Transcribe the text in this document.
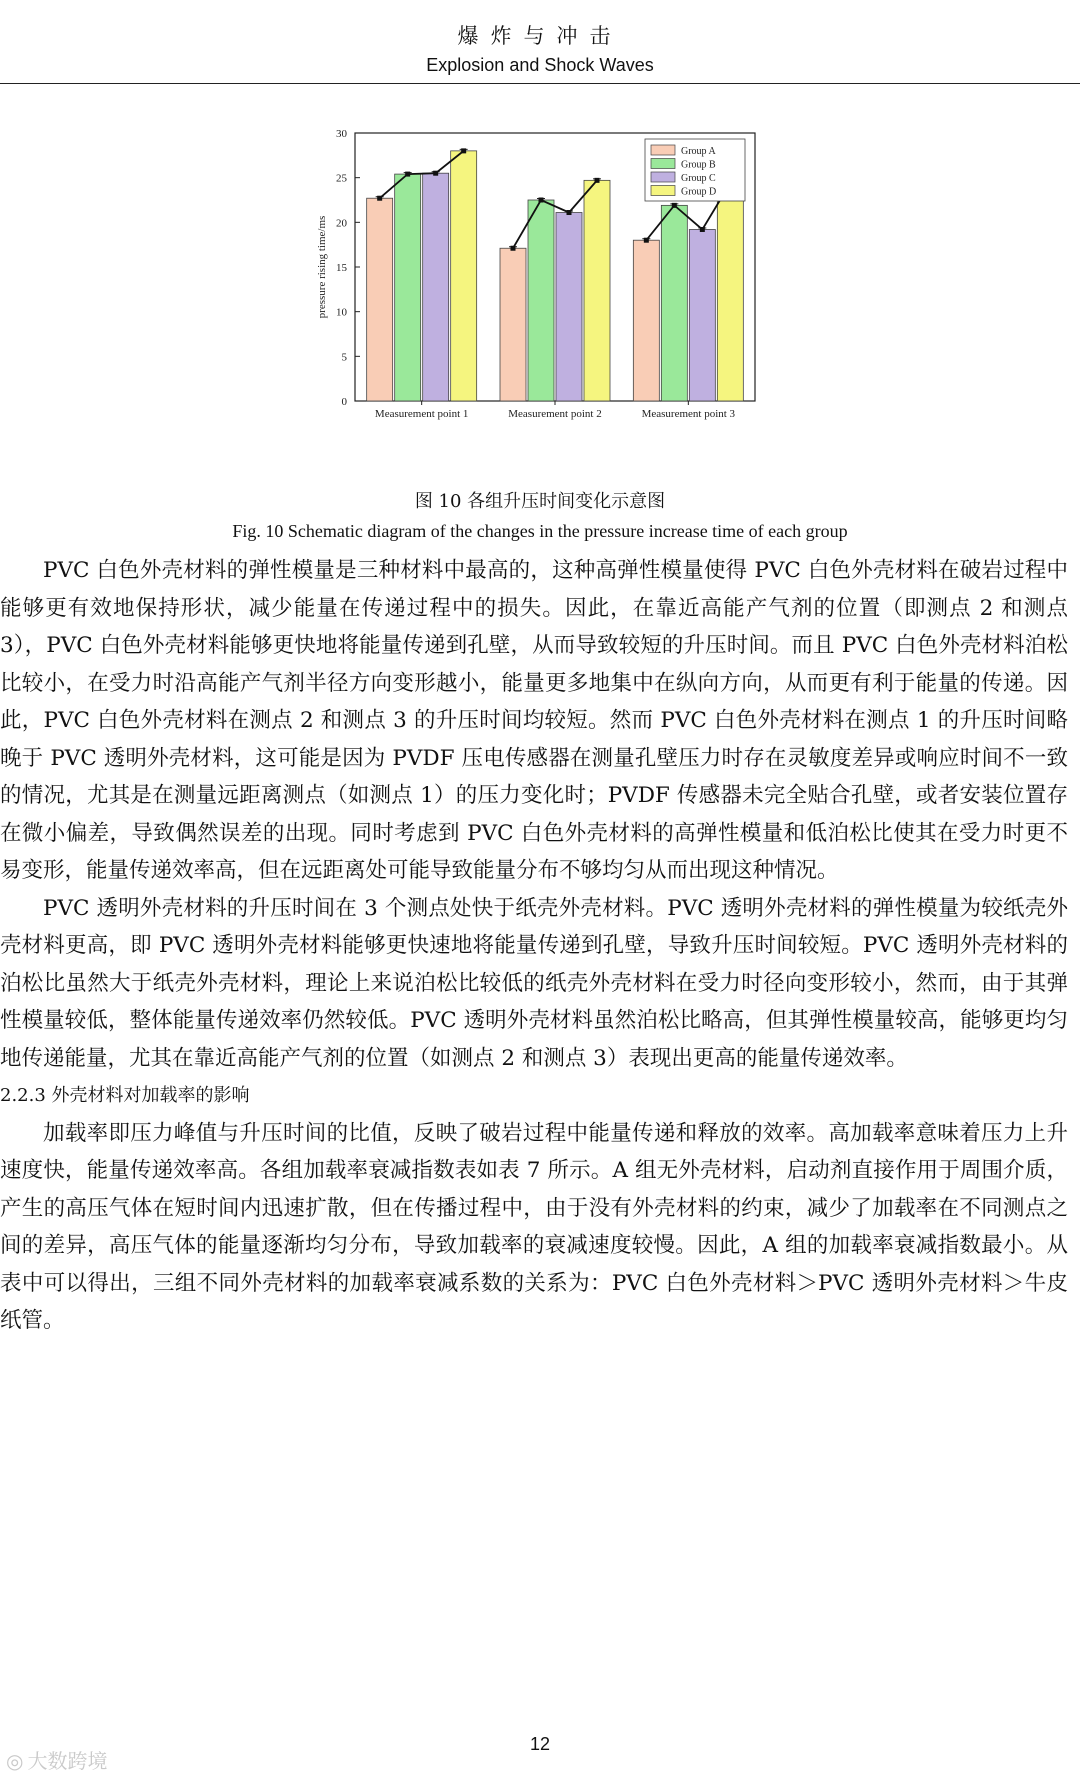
爆炸与冲击
Explosion and Shock Waves
0
5
10
15
20
25
30
pressure rising time/ms
Measurement point 1	Measurement point 2	Measurement point 3
Group A
Group B
Group C
Group D
图 10 各组升压时间变化示意图
Fig. 10 Schematic diagram of the changes in the pressure increase time of each group

PVC 白色外壳材料的弹性模量是三种材料中最高的，这种高弹性模量使得 PVC 白色外壳材料在破岩过程中能够更有效地保持形状，减少能量在传递过程中的损失。因此，在靠近高能产气剂的位置（即测点 2 和测点 3），PVC 白色外壳材料能够更快地将能量传递到孔壁，从而导致较短的升压时间。而且 PVC 白色外壳材料泊松比较小，在受力时沿高能产气剂半径方向变形越小，能量更多地集中在纵向方向，从而更有利于能量的传递。因此，PVC 白色外壳材料在测点 2 和测点 3 的升压时间均较短。然而 PVC 白色外壳材料在测点 1 的升压时间略晚于 PVC 透明外壳材料，这可能是因为 PVDF 压电传感器在测量孔壁压力时存在灵敏度差异或响应时间不一致的情况，尤其是在测量远距离测点（如测点 1）的压力变化时；PVDF 传感器未完全贴合孔壁，或者安装位置存在微小偏差，导致偶然误差的出现。同时考虑到 PVC 白色外壳材料的高弹性模量和低泊松比使其在受力时更不易变形，能量传递效率高，但在远距离处可能导致能量分布不够均匀从而出现这种情况。

PVC 透明外壳材料的升压时间在 3 个测点处快于纸壳外壳材料。PVC 透明外壳材料的弹性模量为较纸壳外壳材料更高，即 PVC 透明外壳材料能够更快速地将能量传递到孔壁，导致升压时间较短。PVC 透明外壳材料的泊松比虽然大于纸壳外壳材料，理论上来说泊松比较低的纸壳外壳材料在受力时径向变形较小，然而，由于其弹性模量较低，整体能量传递效率仍然较低。PVC 透明外壳材料虽然泊松比略高，但其弹性模量较高，能够更均匀地传递能量，尤其在靠近高能产气剂的位置（如测点 2 和测点 3）表现出更高的能量传递效率。

2.2.3 外壳材料对加载率的影响

加载率即压力峰值与升压时间的比值，反映了破岩过程中能量传递和释放的效率。高加载率意味着压力上升速度快，能量传递效率高。各组加载率衰减指数表如表 7 所示。A 组无外壳材料，启动剂直接作用于周围介质，产生的高压气体在短时间内迅速扩散，但在传播过程中，由于没有外壳材料的约束，减少了加载率在不同测点之间的差异，高压气体的能量逐渐均匀分布，导致加载率的衰减速度较慢。因此，A 组的加载率衰减指数最小。从表中可以得出，三组不同外壳材料的加载率衰减系数的关系为：PVC 白色外壳材料＞PVC 透明外壳材料＞牛皮纸管。

12
◎ 大数跨境
